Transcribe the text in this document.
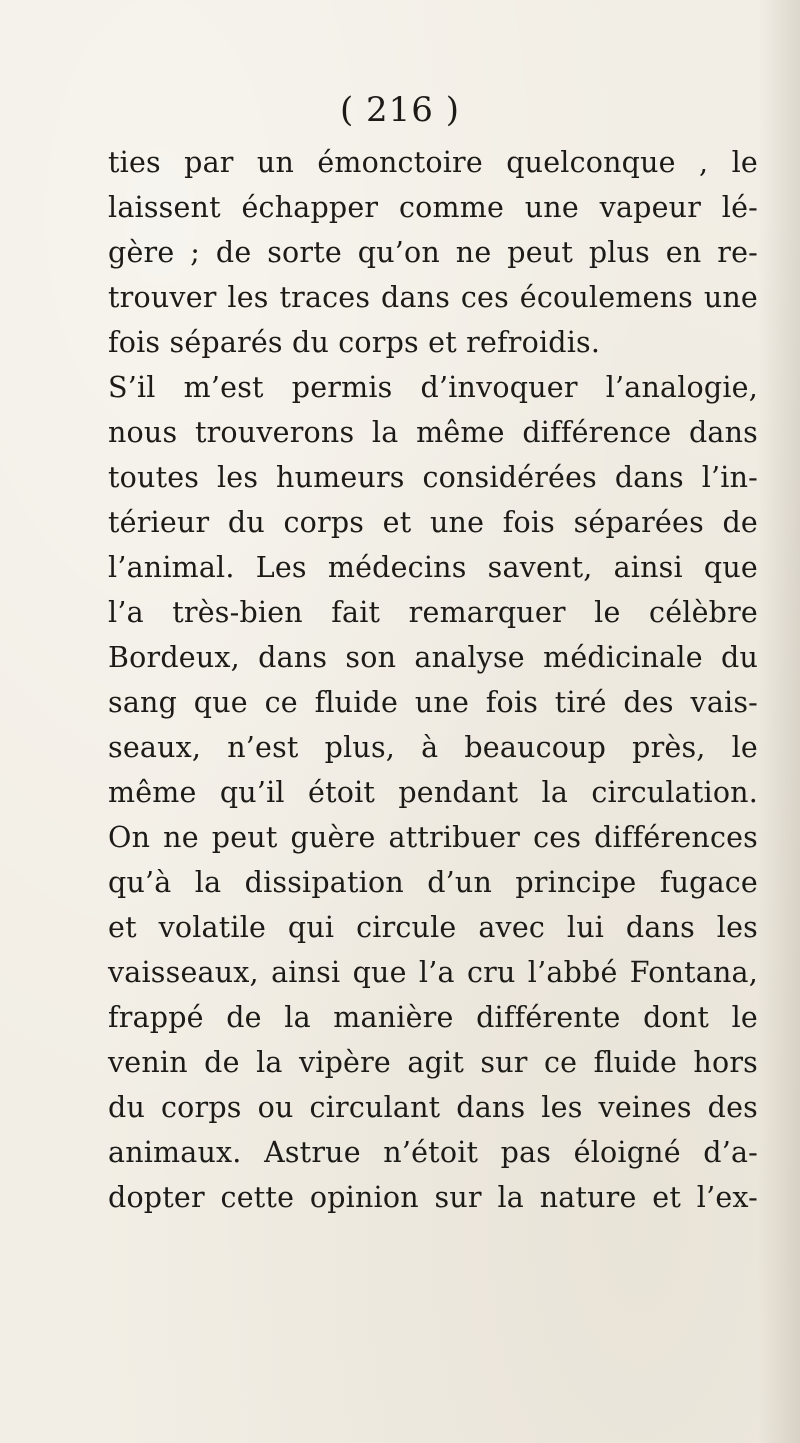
( 216 )
ties par un émonctoire quelconque , le
laissent échapper comme une vapeur lé-
gère ; de sorte qu’on ne peut plus en re-
trouver les traces dans ces écoulemens une
fois séparés du corps et refroidis.
S’il m’est permis d’invoquer l’analogie,
nous trouverons la même différence dans
toutes les humeurs considérées dans l’in-
térieur du corps et une fois séparées de
l’animal. Les médecins savent, ainsi que
l’a très-bien fait remarquer le célèbre
Bordeux, dans son analyse médicinale du
sang que ce fluide une fois tiré des vais-
seaux, n’est plus, à beaucoup près, le
même qu’il étoit pendant la circulation.
On ne peut guère attribuer ces différences
qu’à la dissipation d’un principe fugace
et volatile qui circule avec lui dans les
vaisseaux, ainsi que l’a cru l’abbé Fontana,
frappé de la manière différente dont le
venin de la vipère agit sur ce fluide hors
du corps ou circulant dans les veines des
animaux. Astrue n’étoit pas éloigné d’a-
dopter cette opinion sur la nature et l’ex-
